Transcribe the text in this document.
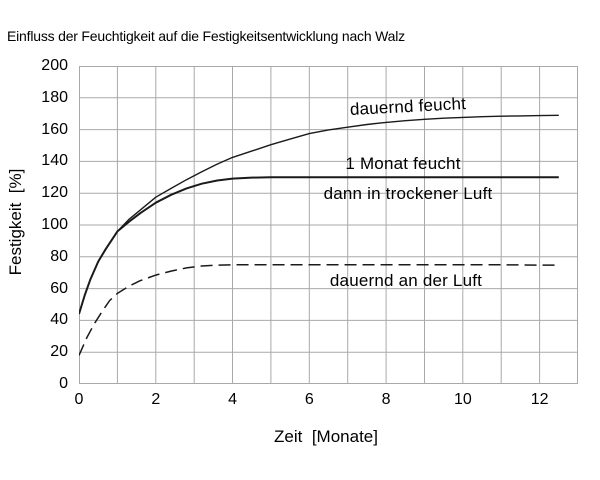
Einfluss der Feuchtigkeit auf die Festigkeitsentwicklung nach Walz
Festigkeit  [%]
0
20
40
60
80
100
120
140
160
180
200
0	2	4	6	8	10	12
dauernd feucht
1 Monat feucht
dann in trockener Luft
dauernd an der Luft
Zeit  [Monate]
